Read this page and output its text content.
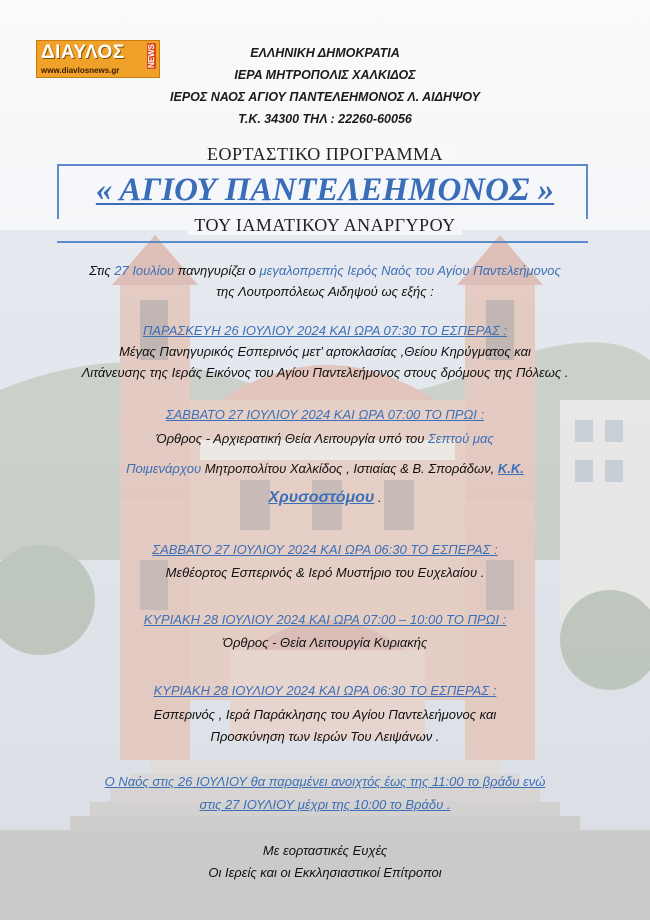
ΔΙΑΥΛΟΣ	NEWS
www.diavlosnews.gr
ΕΛΛΗΝΙΚΗ ΔΗΜΟΚΡΑΤΙΑ
ΙΕΡΑ ΜΗΤΡΟΠΟΛΙΣ ΧΑΛΚΙΔΟΣ
ΙΕΡΟΣ ΝΑΟΣ ΑΓΙΟΥ ΠΑΝΤΕΛΕΗΜΟΝΟΣ Λ. ΑΙΔΗΨΟΥ
Τ.Κ. 34300 ΤΗΛ : 22260-60056
ΕΟΡΤΑΣΤΙΚΟ ΠΡΟΓΡΑΜΜΑ
« ΑΓΙΟΥ ΠΑΝΤΕΛΕΗΜΟΝΟΣ »
ΤΟΥ ΙΑΜΑΤΙΚΟΥ ΑΝΑΡΓΥΡΟΥ
Στις 27 Ιουλίου πανηγυρίζει ο μεγαλοπρεπής Ιερός Ναός του Αγίου Παντελεήμονος
της Λουτροπόλεως Αιδηψού ως εξής :
ΠΑΡΑΣΚΕΥΗ 26 ΙΟΥΛΙΟΥ 2024 ΚΑΙ ΩΡΑ 07:30 ΤΟ ΕΣΠΕΡΑΣ :
Μέγας Πανηγυρικός Εσπερινός μετ’ αρτοκλασίας ,Θείου Κηρύγματος και
Λιτάνευσης της Ιεράς Εικόνος του Αγίου Παντελεήμονος στους δρόμους της Πόλεως .
ΣΑΒΒΑΤΟ 27 ΙΟΥΛΙΟΥ 2024 ΚΑΙ ΩΡΑ 07:00 ΤΟ ΠΡΩΙ :
Όρθρος - Αρχιερατική Θεία Λειτουργία υπό του Σεπτού μας
Ποιμενάρχου Μητροπολίτου Χαλκίδος , Ιστιαίας & Β. Σποράδων, Κ.Κ.
Χρυσοστόμου .
ΣΑΒΒΑΤΟ 27 ΙΟΥΛΙΟΥ 2024 ΚΑΙ ΩΡΑ 06:30 ΤΟ ΕΣΠΕΡΑΣ :
Μεθέορτος Εσπερινός & Ιερό Μυστήριο του Ευχελαίου .
ΚΥΡΙΑΚΗ 28 ΙΟΥΛΙΟΥ 2024 ΚΑΙ ΩΡΑ 07:00 – 10:00 ΤΟ ΠΡΩΙ :
Όρθρος - Θεία Λειτουργία Κυριακής
ΚΥΡΙΑΚΗ 28 ΙΟΥΛΙΟΥ 2024 ΚΑΙ ΩΡΑ 06:30 ΤΟ ΕΣΠΕΡΑΣ :
Εσπερινός , Ιερά Παράκλησης του Αγίου Παντελεήμονος και
Προσκύνηση των Ιερών Του Λειψάνων .
Ο Ναός στις 26 ΙΟΥΛΙΟΥ θα παραμένει ανοιχτός έως της 11:00 το βράδυ ενώ
στις 27 ΙΟΥΛΙΟΥ μέχρι της 10:00 το Βράδυ .
Με εορταστικές Ευχές
Οι Ιερείς και οι Εκκλησιαστικοί Επίτροποι
